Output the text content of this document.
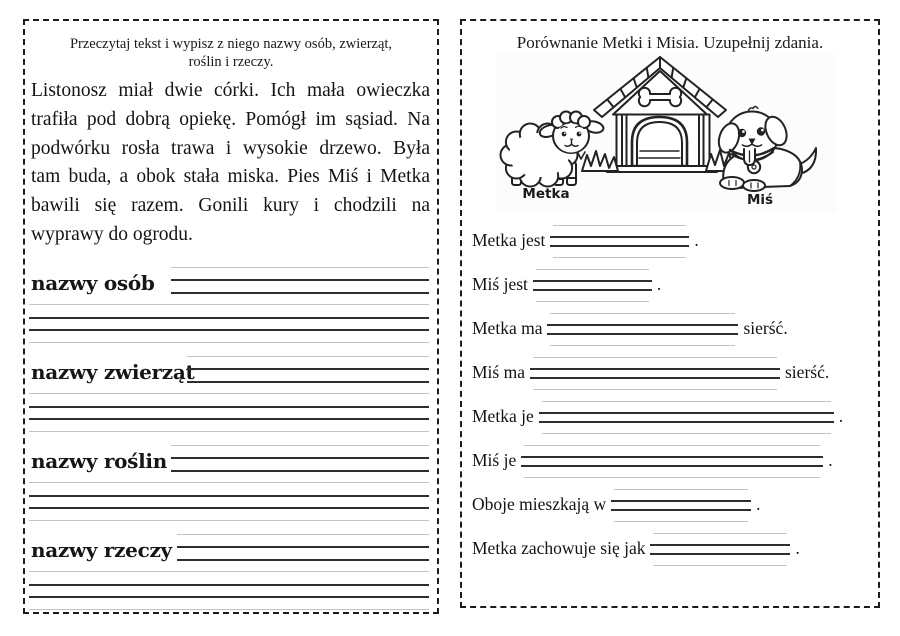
Przeczytaj tekst i wypisz z niego nazwy osób, zwierząt,
roślin i rzeczy.
Listonosz miał dwie córki. Ich mała owieczka
trafiła pod dobrą opiekę. Pomógł im sąsiad. Na
podwórku rosła trawa i wysokie drzewo. Była
tam buda, a obok stała miska. Pies Miś i Metka
bawili się razem. Gonili kury i chodzili na
wyprawy do ogrodu.
nazwy osób
nazwy zwierząt
nazwy roślin
nazwy rzeczy
Porównanie Metki i Misia. Uzupełnij zdania.
Metka	Miś
Metka jest	.
Miś jest	.
Metka ma	sierść.
Miś ma	sierść.
Metka je	.
Miś je	.
Oboje mieszkają w	.
Metka zachowuje się jak	.
